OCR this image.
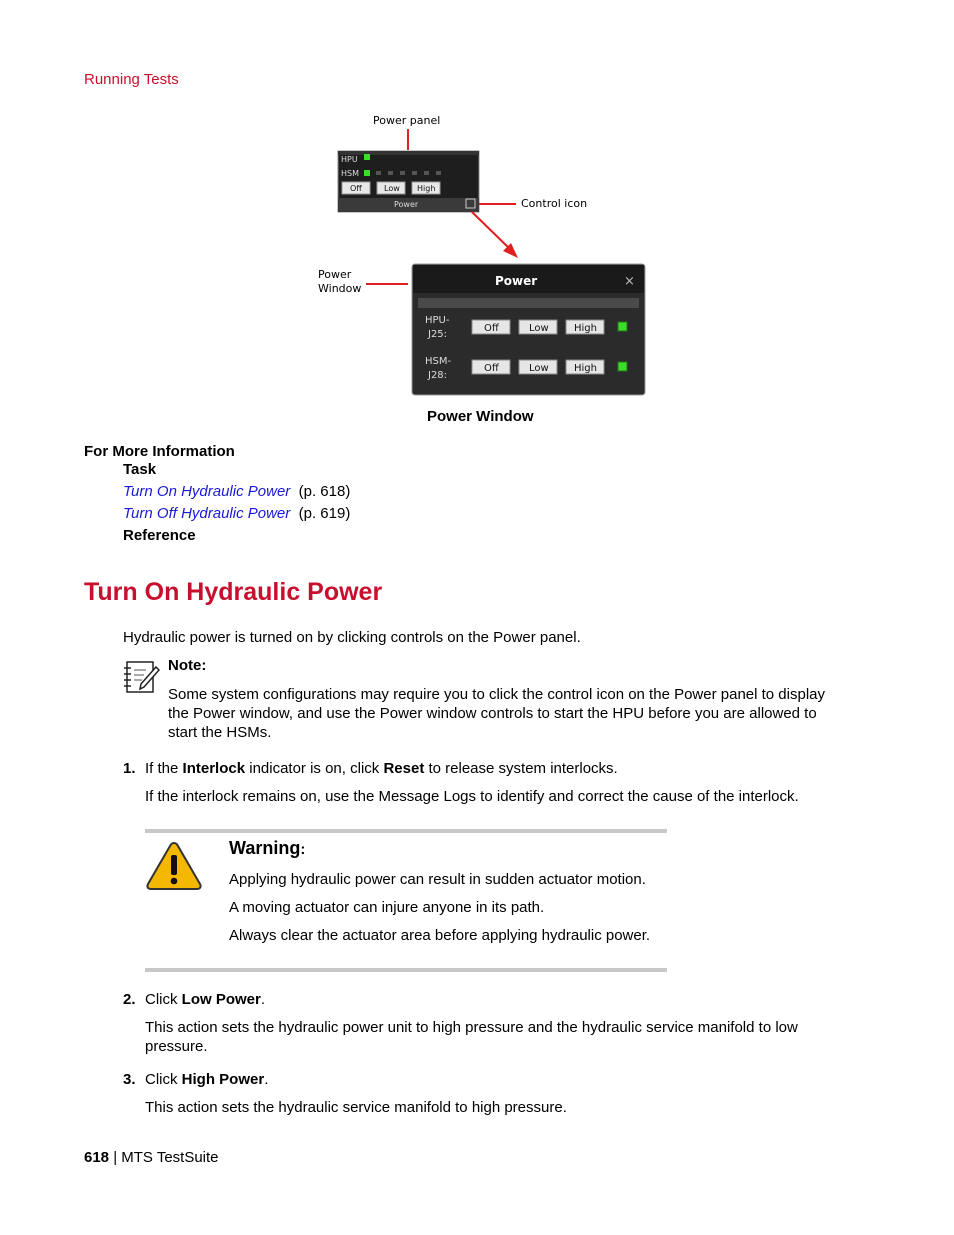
Running Tests
Power panel
HPU
HSM
Off	Low High
Power	Control icon
Power
Window
Power	×
HPU-
J25:
Off	Low	High
HSM-
J28:
Off	Low	High
Power Window
For More Information
Task
Turn On Hydraulic Power (p. 618)
Turn Off Hydraulic Power (p. 619)
Reference
Turn On Hydraulic Power
Hydraulic power is turned on by clicking controls on the Power panel.
Note:
Some system configurations may require you to click the control icon on the Power panel to display
the Power window, and use the Power window controls to start the HPU before you are allowed to
start the HSMs.
1. If the Interlock indicator is on, click Reset to release system interlocks.
If the interlock remains on, use the Message Logs to identify and correct the cause of the interlock.
Warning:
Applying hydraulic power can result in sudden actuator motion.
A moving actuator can injure anyone in its path.
Always clear the actuator area before applying hydraulic power.
2. Click Low Power.
This action sets the hydraulic power unit to high pressure and the hydraulic service manifold to low
pressure.
3. Click High Power.
This action sets the hydraulic service manifold to high pressure.
618 | MTS TestSuite
